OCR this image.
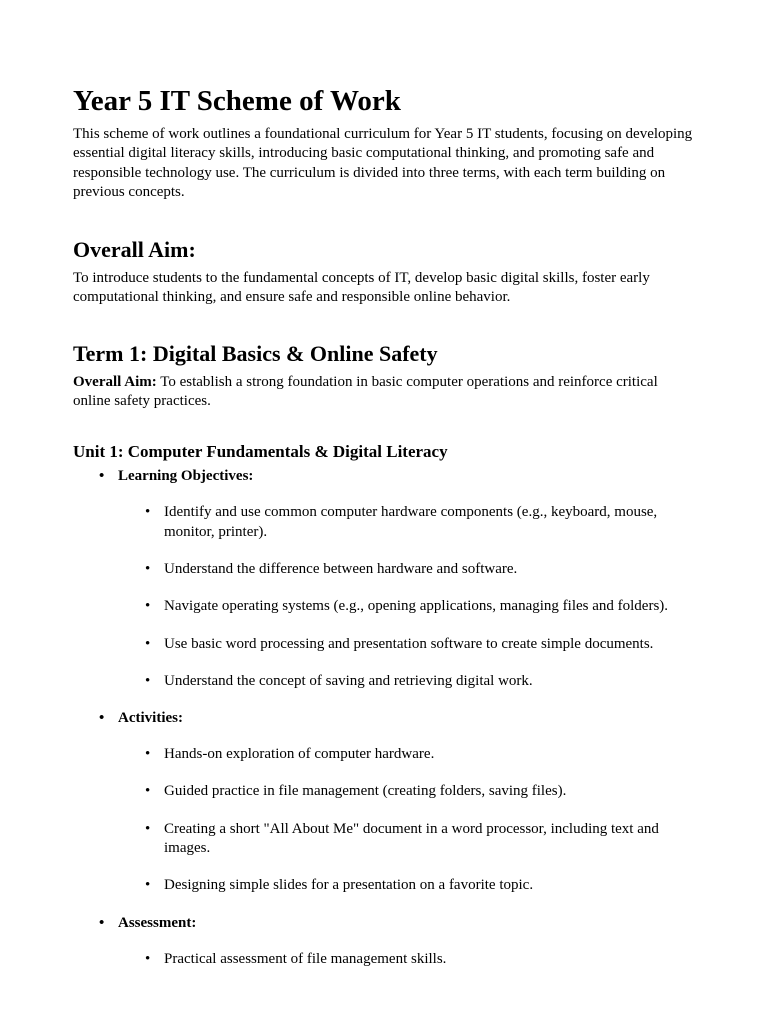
Year 5 IT Scheme of Work

This scheme of work outlines a foundational curriculum for Year 5 IT students, focusing on developing essential digital literacy skills, introducing basic computational thinking, and promoting safe and responsible technology use. The curriculum is divided into three terms, with each term building on previous concepts.

Overall Aim:

To introduce students to the fundamental concepts of IT, develop basic digital skills, foster early computational thinking, and ensure safe and responsible online behavior.

Term 1: Digital Basics & Online Safety

Overall Aim: To establish a strong foundation in basic computer operations and reinforce critical online safety practices.

Unit 1: Computer Fundamentals & Digital Literacy
• Learning Objectives:
• Identify and use common computer hardware components (e.g., keyboard, mouse, monitor, printer).
• Understand the difference between hardware and software.
• Navigate operating systems (e.g., opening applications, managing files and folders).
• Use basic word processing and presentation software to create simple documents.
• Understand the concept of saving and retrieving digital work.
• Activities:
• Hands-on exploration of computer hardware.
• Guided practice in file management (creating folders, saving files).
• Creating a short "All About Me" document in a word processor, including text and images.
• Designing simple slides for a presentation on a favorite topic.
• Assessment:
• Practical assessment of file management skills.
